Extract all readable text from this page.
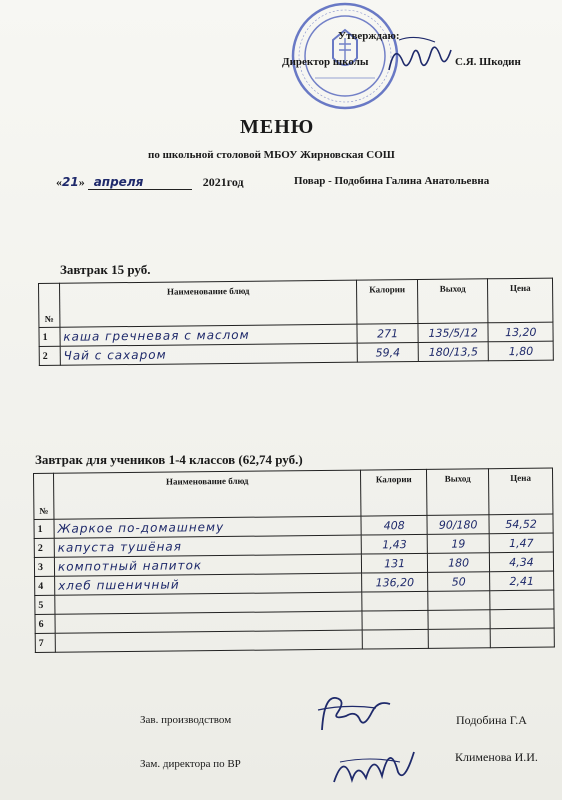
Утверждаю:
Директор школы	С.Я. Шкодин
МЕНЮ
по школьной столовой МБОУ Жирновская СОШ
«21» апреля	2021год	Повар - Подобина Галина Анатольевна
Завтрак 15 руб.
№	Наименование блюд	Калории	Выход	Цена
1	каша гречневая с маслом	271	135/5/12	13,20
2	Чай с сахаром	59,4	180/13,5	1,80
Завтрак для учеников 1-4 классов (62,74 руб.)
№	Наименование блюд	Калории	Выход	Цена
1	Жаркое по-домашнему	408	90/180	54,52
2	капуста тушёная	1,43	19	1,47
3	компотный напиток	131	180	4,34
4	хлеб пшеничный	136,20	50	2,41
5				
6				
7				
Зав. производством	Подобина Г.А
Зам. директора по ВР	Клименова И.И.
